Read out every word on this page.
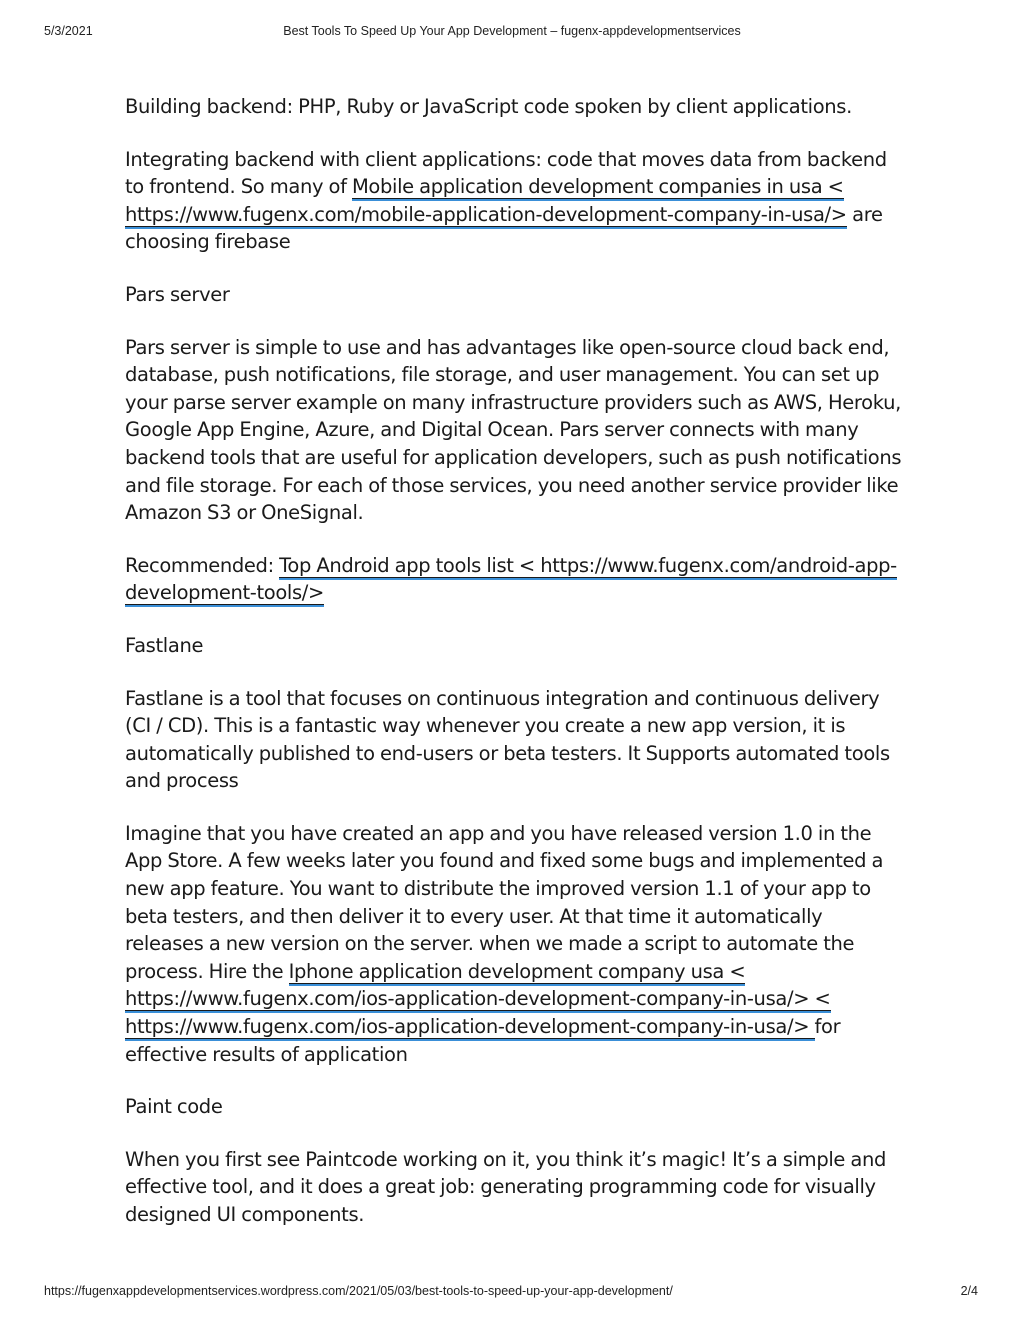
5/3/2021	Best Tools To Speed Up Your App Development – fugenx-appdevelopmentservices

Building backend: PHP, Ruby or JavaScript code spoken by client applications.

Integrating backend with client applications: code that moves data from backend to frontend. So many of Mobile application development companies in usa < https://www.fugenx.com/mobile-application-development-company-in-usa/> are choosing firebase

Pars server

Pars server is simple to use and has advantages like open-source cloud back end, database, push notifications, file storage, and user management. You can set up your parse server example on many infrastructure providers such as AWS, Heroku, Google App Engine, Azure, and Digital Ocean. Pars server connects with many backend tools that are useful for application developers, such as push notifications and file storage. For each of those services, you need another service provider like Amazon S3 or OneSignal.

Recommended: Top Android app tools list < https://www.fugenx.com/android-app-development-tools/>

Fastlane

Fastlane is a tool that focuses on continuous integration and continuous delivery (CI / CD). This is a fantastic way whenever you create a new app version, it is automatically published to end-users or beta testers. It Supports automated tools and process

Imagine that you have created an app and you have released version 1.0 in the App Store. A few weeks later you found and fixed some bugs and implemented a new app feature. You want to distribute the improved version 1.1 of your app to beta testers, and then deliver it to every user. At that time it automatically releases a new version on the server. when we made a script to automate the process. Hire the Iphone application development company usa < https://www.fugenx.com/ios-application-development-company-in-usa/> < https://www.fugenx.com/ios-application-development-company-in-usa/> for effective results of application

Paint code

When you first see Paintcode working on it, you think it’s magic! It’s a simple and effective tool, and it does a great job: generating programming code for visually designed UI components.

https://fugenxappdevelopmentservices.wordpress.com/2021/05/03/best-tools-to-speed-up-your-app-development/	2/4
